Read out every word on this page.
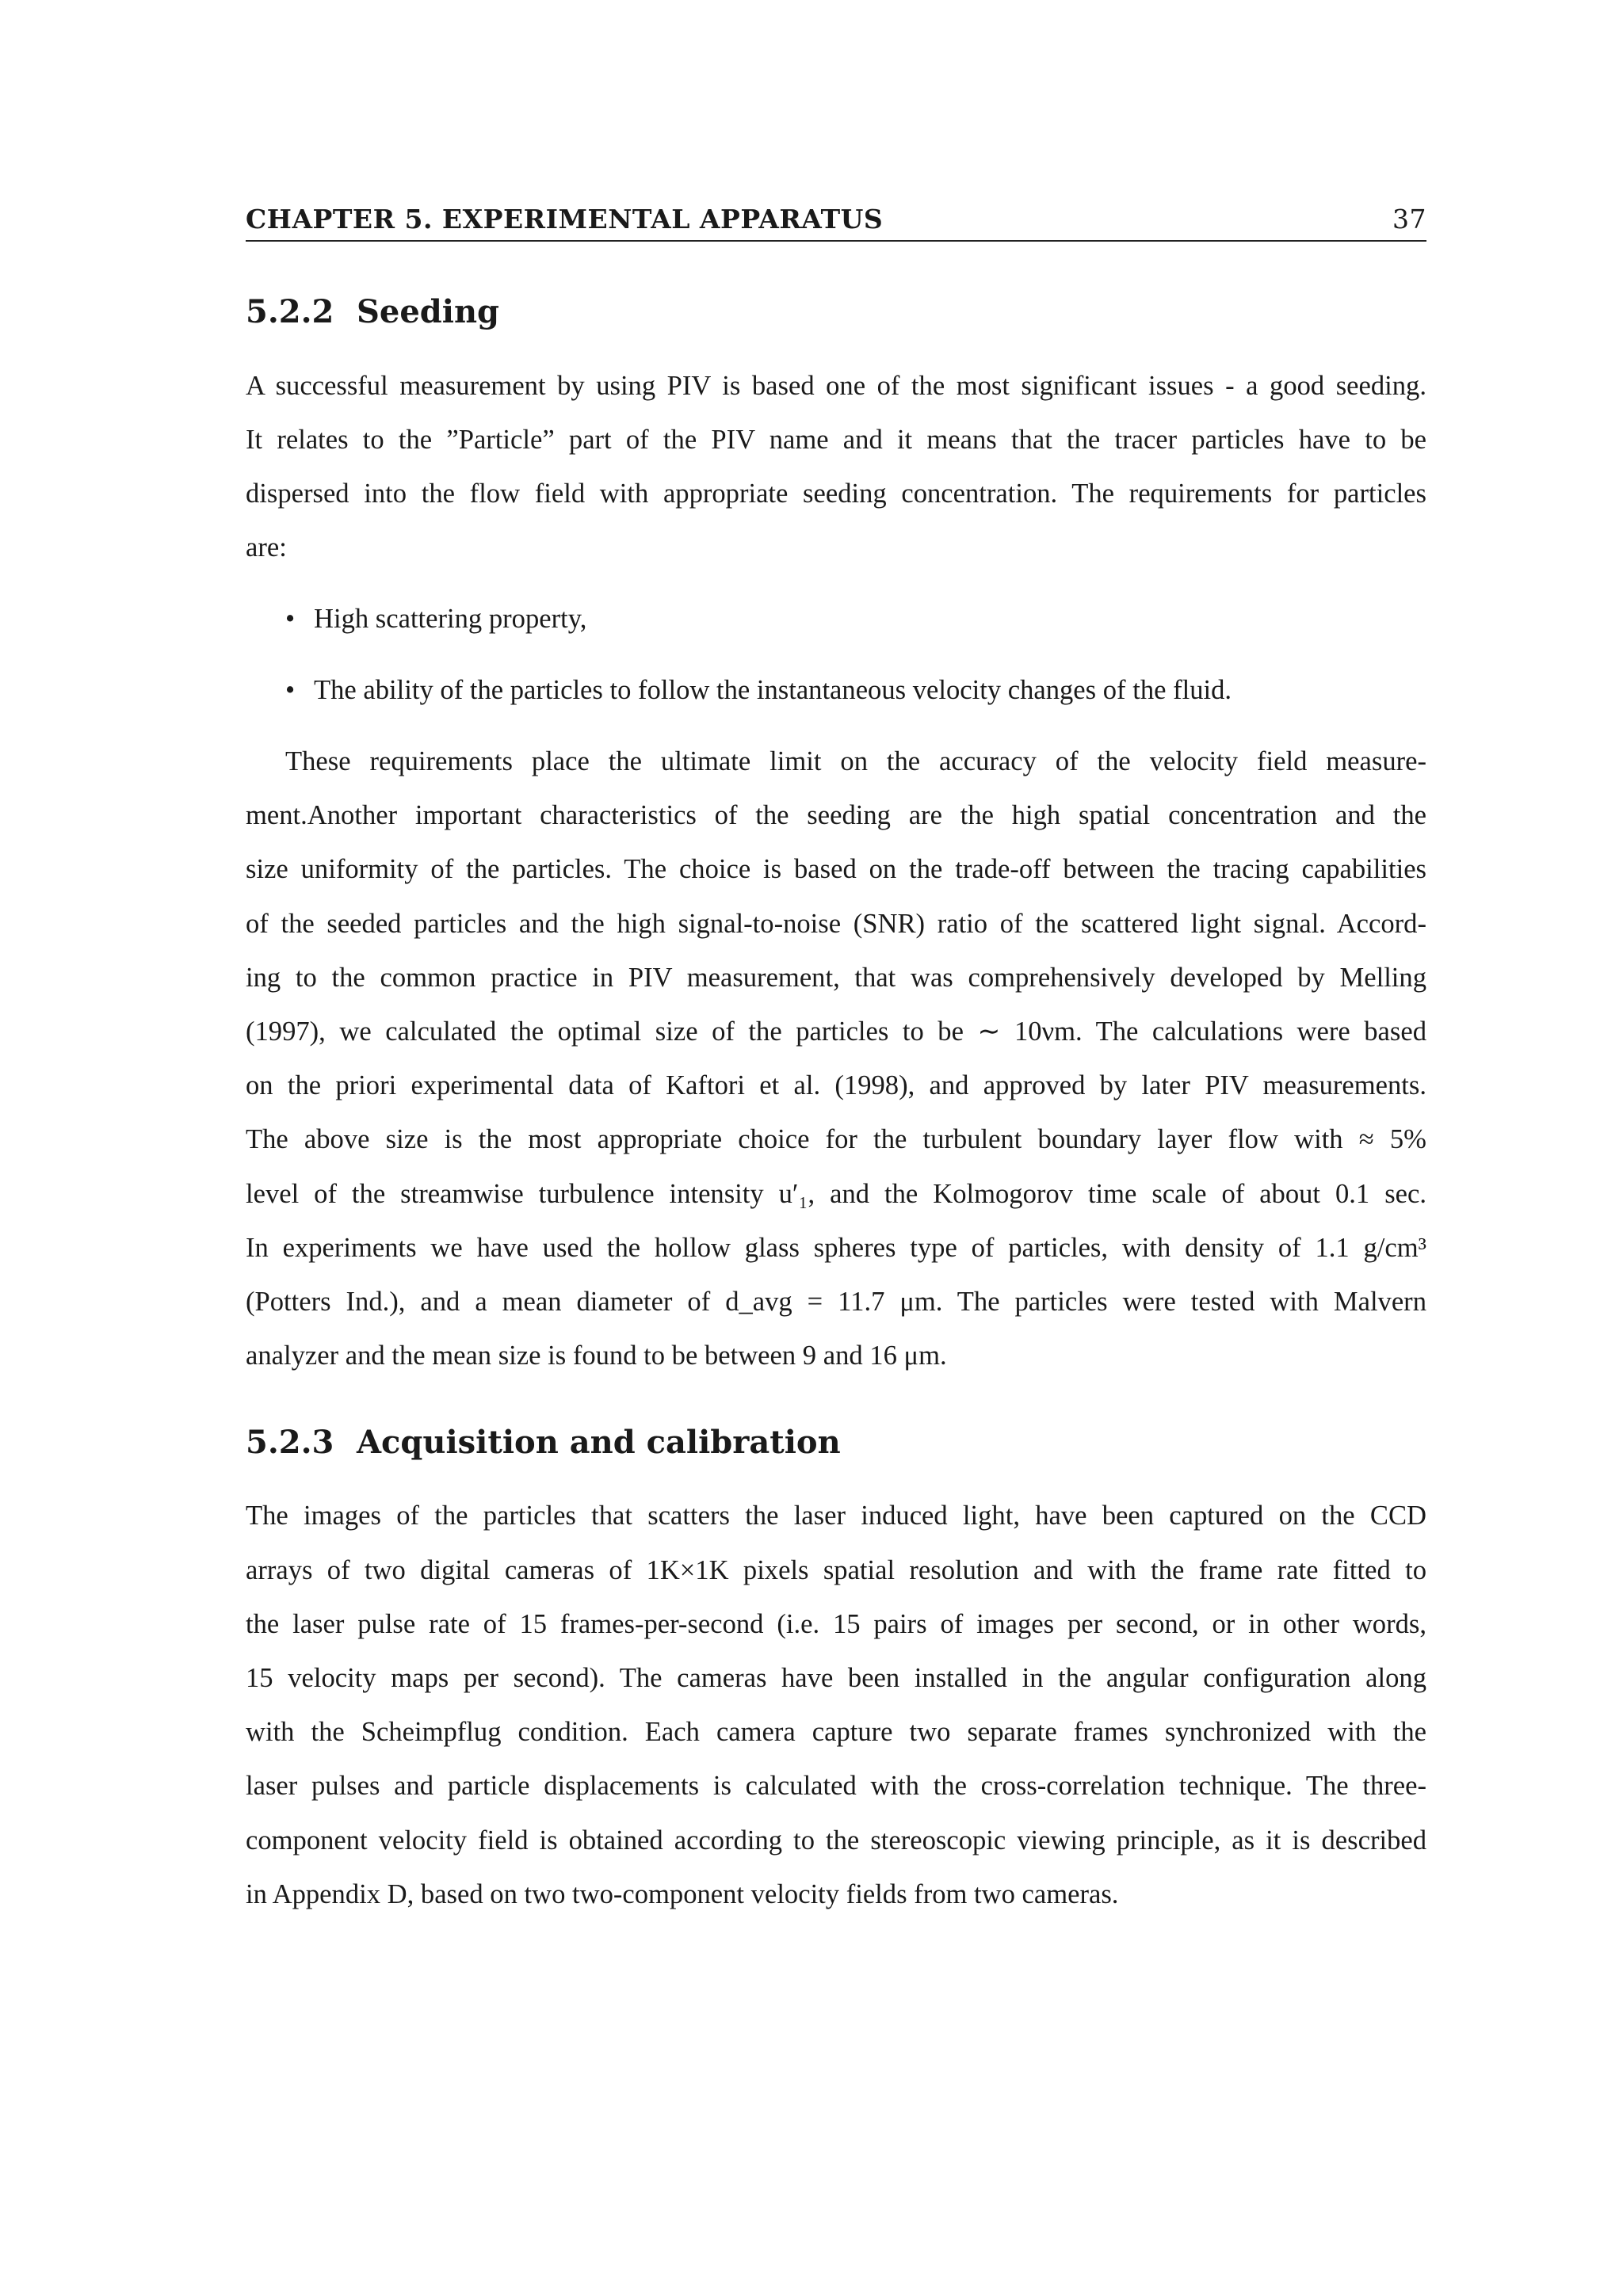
CHAPTER 5. EXPERIMENTAL APPARATUS	37
5.2.2 Seeding
A successful measurement by using PIV is based one of the most significant issues - a good seeding.
It relates to the ”Particle” part of the PIV name and it means that the tracer particles have to be
dispersed into the flow field with appropriate seeding concentration. The requirements for particles
are:
• High scattering property,
• The ability of the particles to follow the instantaneous velocity changes of the fluid.
These requirements place the ultimate limit on the accuracy of the velocity field measure-
ment.Another important characteristics of the seeding are the high spatial concentration and the
size uniformity of the particles. The choice is based on the trade-off between the tracing capabilities
of the seeded particles and the high signal-to-noise (SNR) ratio of the scattered light signal. Accord-
ing to the common practice in PIV measurement, that was comprehensively developed by Melling
(1997), we calculated the optimal size of the particles to be ∼ 10νm. The calculations were based
on the priori experimental data of Kaftori et al. (1998), and approved by later PIV measurements.
The above size is the most appropriate choice for the turbulent boundary layer flow with ≈ 5%
level of the streamwise turbulence intensity u′₁, and the Kolmogorov time scale of about 0.1 sec.
In experiments we have used the hollow glass spheres type of particles, with density of 1.1 g/cm³
(Potters Ind.), and a mean diameter of d_avg = 11.7 μm. The particles were tested with Malvern
analyzer and the mean size is found to be between 9 and 16 μm.
5.2.3 Acquisition and calibration
The images of the particles that scatters the laser induced light, have been captured on the CCD
arrays of two digital cameras of 1K×1K pixels spatial resolution and with the frame rate fitted to
the laser pulse rate of 15 frames-per-second (i.e. 15 pairs of images per second, or in other words,
15 velocity maps per second). The cameras have been installed in the angular configuration along
with the Scheimpflug condition. Each camera capture two separate frames synchronized with the
laser pulses and particle displacements is calculated with the cross-correlation technique. The three-
component velocity field is obtained according to the stereoscopic viewing principle, as it is described
in Appendix D, based on two two-component velocity fields from two cameras.
